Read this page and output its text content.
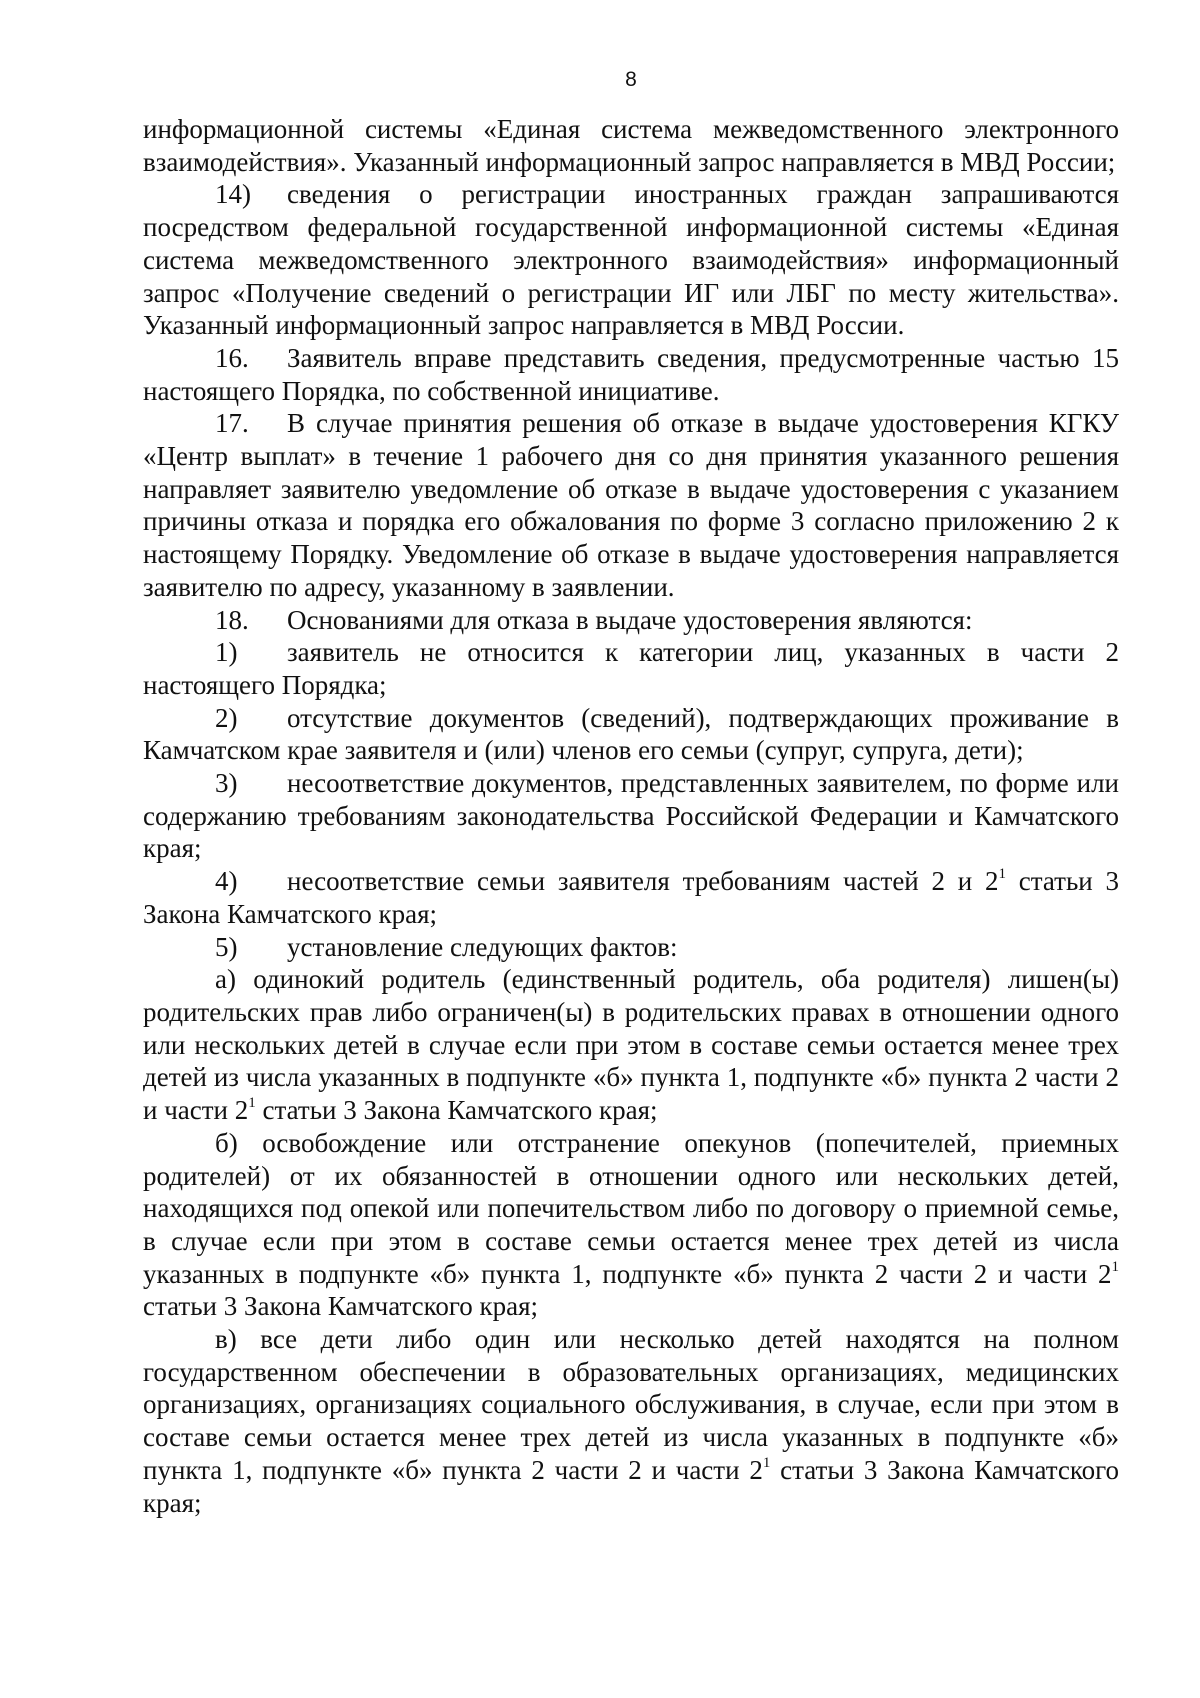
8

информационной системы «Единая система межведомственного электронного взаимодействия». Указанный информационный запрос направляется в МВД России;

14) сведения о регистрации иностранных граждан запрашиваются посредством федеральной государственной информационной системы «Единая система межведомственного электронного взаимодействия» информационный запрос «Получение сведений о регистрации ИГ или ЛБГ по месту жительства». Указанный информационный запрос направляется в МВД России.

16. Заявитель вправе представить сведения, предусмотренные частью 15 настоящего Порядка, по собственной инициативе.

17. В случае принятия решения об отказе в выдаче удостоверения КГКУ «Центр выплат» в течение 1 рабочего дня со дня принятия указанного решения направляет заявителю уведомление об отказе в выдаче удостоверения с указанием причины отказа и порядка его обжалования по форме 3 согласно приложению 2 к настоящему Порядку. Уведомление об отказе в выдаче удостоверения направляется заявителю по адресу, указанному в заявлении.

18. Основаниями для отказа в выдаче удостоверения являются:

1) заявитель не относится к категории лиц, указанных в части 2 настоящего Порядка;

2) отсутствие документов (сведений), подтверждающих проживание в Камчатском крае заявителя и (или) членов его семьи (супруг, супруга, дети);

3) несоответствие документов, представленных заявителем, по форме или содержанию требованиям законодательства Российской Федерации и Камчатского края;

4) несоответствие семьи заявителя требованиям частей 2 и $2^1$ статьи 3 Закона Камчатского края;

5) установление следующих фактов:

а) одинокий родитель (единственный родитель, оба родителя) лишен(ы) родительских прав либо ограничен(ы) в родительских правах в отношении одного или нескольких детей в случае если при этом в составе семьи остается менее трех детей из числа указанных в подпункте «б» пункта 1, подпункте «б» пункта 2 части 2 и части $2^1$ статьи 3 Закона Камчатского края;

б) освобождение или отстранение опекунов (попечителей, приемных родителей) от их обязанностей в отношении одного или нескольких детей, находящихся под опекой или попечительством либо по договору о приемной семье, в случае если при этом в составе семьи остается менее трех детей из числа указанных в подпункте «б» пункта 1, подпункте «б» пункта 2 части 2 и части $2^1$ статьи 3 Закона Камчатского края;

в) все дети либо один или несколько детей находятся на полном государственном обеспечении в образовательных организациях, медицинских организациях, организациях социального обслуживания, в случае, если при этом в составе семьи остается менее трех детей из числа указанных в подпункте «б» пункта 1, подпункте «б» пункта 2 части 2 и части $2^1$ статьи 3 Закона Камчатского края;
